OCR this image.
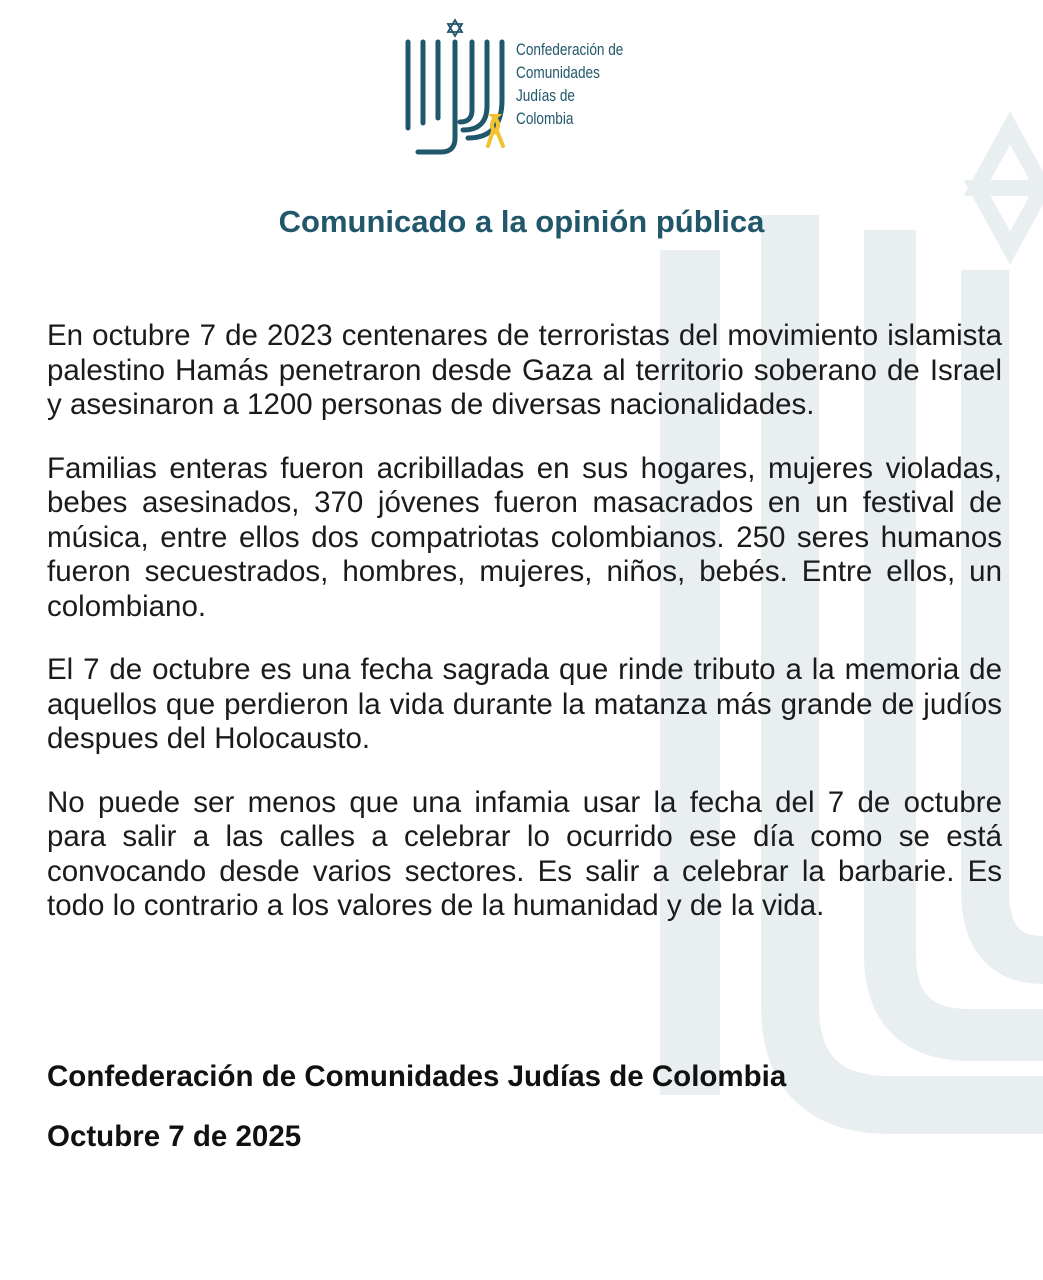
Confederación de
Comunidades
Judías de
Colombia
Comunicado a la opinión pública

En octubre 7 de 2023 centenares de terroristas del movimiento islamista palestino Hamás penetraron desde Gaza al territorio soberano de Israel y asesinaron a 1200 personas de diversas nacionalidades.

Familias enteras fueron acribilladas en sus hogares, mujeres violadas, bebes asesinados, 370 jóvenes fueron masacrados en un festival de música, entre ellos dos compatriotas colombianos. 250 seres humanos fueron secuestrados, hombres, mujeres, niños, bebés. Entre ellos, un colombiano.

El 7 de octubre es una fecha sagrada que rinde tributo a la memoria de aquellos que perdieron la vida durante la matanza más grande de judíos despues del Holocausto.

No puede ser menos que una infamia usar la fecha del 7 de octubre para salir a las calles a celebrar lo ocurrido ese día como se está convocando desde varios sectores. Es salir a celebrar la barbarie. Es todo lo contrario a los valores de la humanidad y de la vida.

Confederación de Comunidades Judías de Colombia

Octubre 7 de 2025
